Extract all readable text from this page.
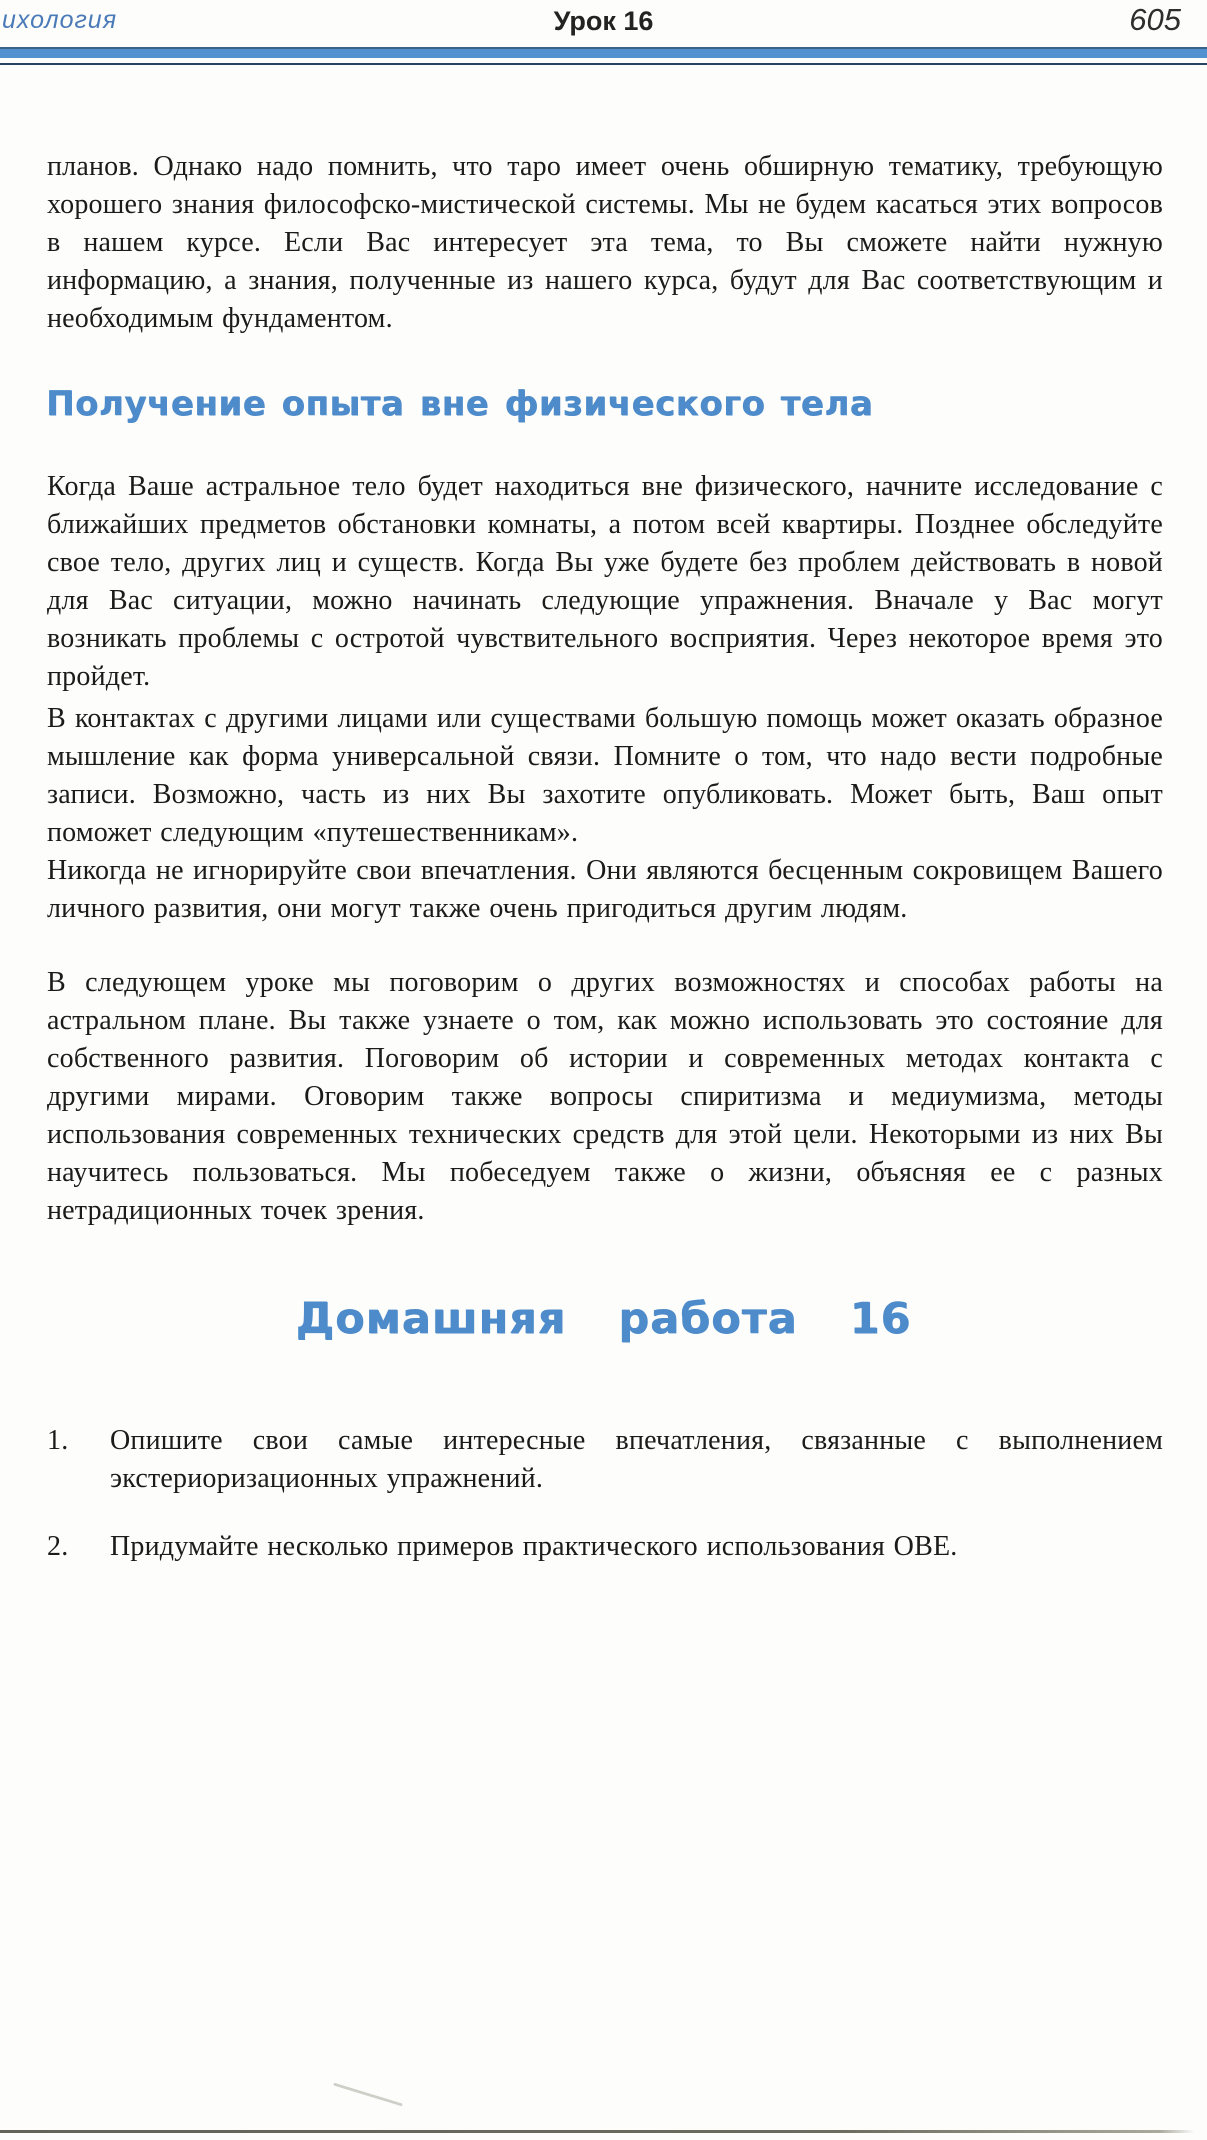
ихология	Урок 16	605

планов. Однако надо помнить, что таро имеет очень обширную тематику, требующую хорошего знания философско-мистической системы. Мы не будем касаться этих вопросов в нашем курсе. Если Вас интересует эта тема, то Вы сможете найти нужную информацию, а знания, полученные из нашего курса, будут для Вас соответствующим и необходимым фундаментом.

Получение опыта вне физического тела

Когда Ваше астральное тело будет находиться вне физического, начните исследование с ближайших предметов обстановки комнаты, а потом всей квартиры. Позднее обследуйте свое тело, других лиц и существ. Когда Вы уже будете без проблем действовать в новой для Вас ситуации, можно начинать следующие упражнения. Вначале у Вас могут возникать проблемы с остротой чувствительного восприятия. Через некоторое время это пройдет.

В контактах с другими лицами или существами большую помощь может оказать образное мышление как форма универсальной связи. Помните о том, что надо вести подробные записи. Возможно, часть из них Вы захотите опубликовать. Может быть, Ваш опыт поможет следующим «путешественникам».

Никогда не игнорируйте свои впечатления. Они являются бесценным сокровищем Вашего личного развития, они могут также очень пригодиться другим людям.

В следующем уроке мы поговорим о других возможностях и способах работы на астральном плане. Вы также узнаете о том, как можно использовать это состояние для собственного развития. Поговорим об истории и современных методах контакта с другими мирами. Оговорим также вопросы спиритизма и медиумизма, методы использования современных технических средств для этой цели. Некоторыми из них Вы научитесь пользоваться. Мы побеседуем также о жизни, объясняя ее с разных нетрадиционных точек зрения.

Домашняя работа 16
1.	Опишите свои самые интересные впечатления, связанные с выполнением экстериоризационных упражнений.
2.	Придумайте несколько примеров практического использования ОВЕ.
